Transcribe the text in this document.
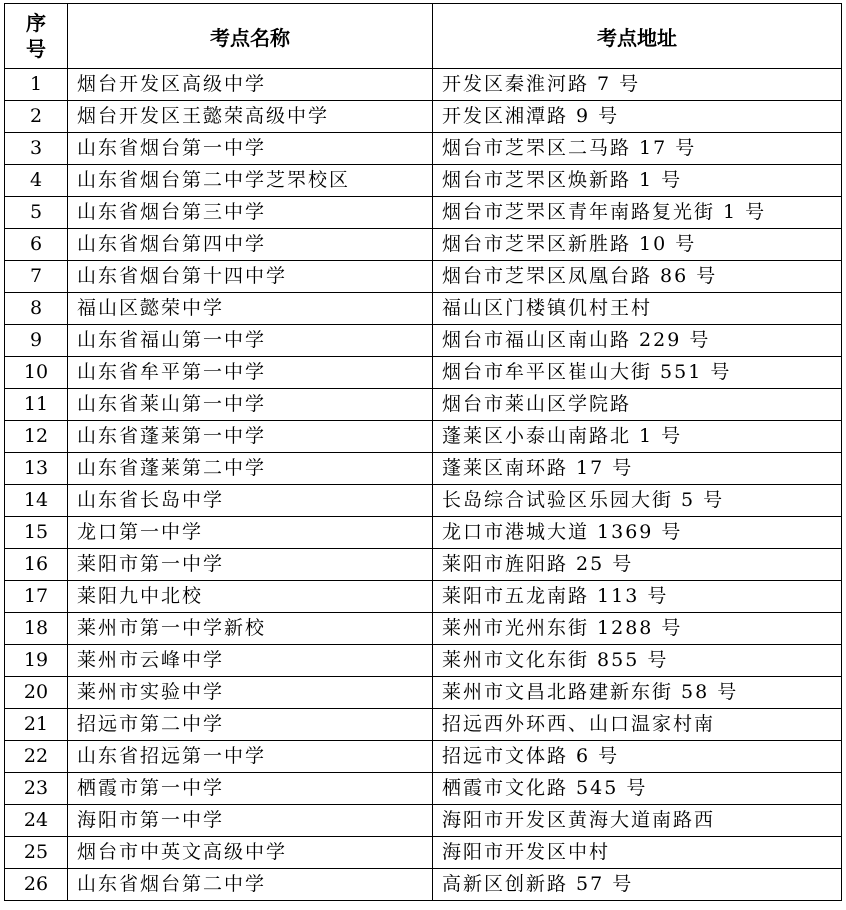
序
号	考点名称	考点地址
1	烟台开发区高级中学	开发区秦淮河路 7 号
2	烟台开发区王懿荣高级中学	开发区湘潭路 9 号
3	山东省烟台第一中学	烟台市芝罘区二马路 17 号
4	山东省烟台第二中学芝罘校区	烟台市芝罘区焕新路 1 号
5	山东省烟台第三中学	烟台市芝罘区青年南路复光街 1 号
6	山东省烟台第四中学	烟台市芝罘区新胜路 10 号
7	山东省烟台第十四中学	烟台市芝罘区凤凰台路 86 号
8	福山区懿荣中学	福山区门楼镇仉村王村
9	山东省福山第一中学	烟台市福山区南山路 229 号
10	山东省牟平第一中学	烟台市牟平区崔山大街 551 号
11	山东省莱山第一中学	烟台市莱山区学院路
12	山东省蓬莱第一中学	蓬莱区小泰山南路北 1 号
13	山东省蓬莱第二中学	蓬莱区南环路 17 号
14	山东省长岛中学	长岛综合试验区乐园大街 5 号
15	龙口第一中学	龙口市港城大道 1369 号
16	莱阳市第一中学	莱阳市旌阳路 25 号
17	莱阳九中北校	莱阳市五龙南路 113 号
18	莱州市第一中学新校	莱州市光州东街 1288 号
19	莱州市云峰中学	莱州市文化东街 855 号
20	莱州市实验中学	莱州市文昌北路建新东街 58 号
21	招远市第二中学	招远西外环西、山口温家村南
22	山东省招远第一中学	招远市文体路 6 号
23	栖霞市第一中学	栖霞市文化路 545 号
24	海阳市第一中学	海阳市开发区黄海大道南路西
25	烟台市中英文高级中学	海阳市开发区中村
26	山东省烟台第二中学	高新区创新路 57 号
